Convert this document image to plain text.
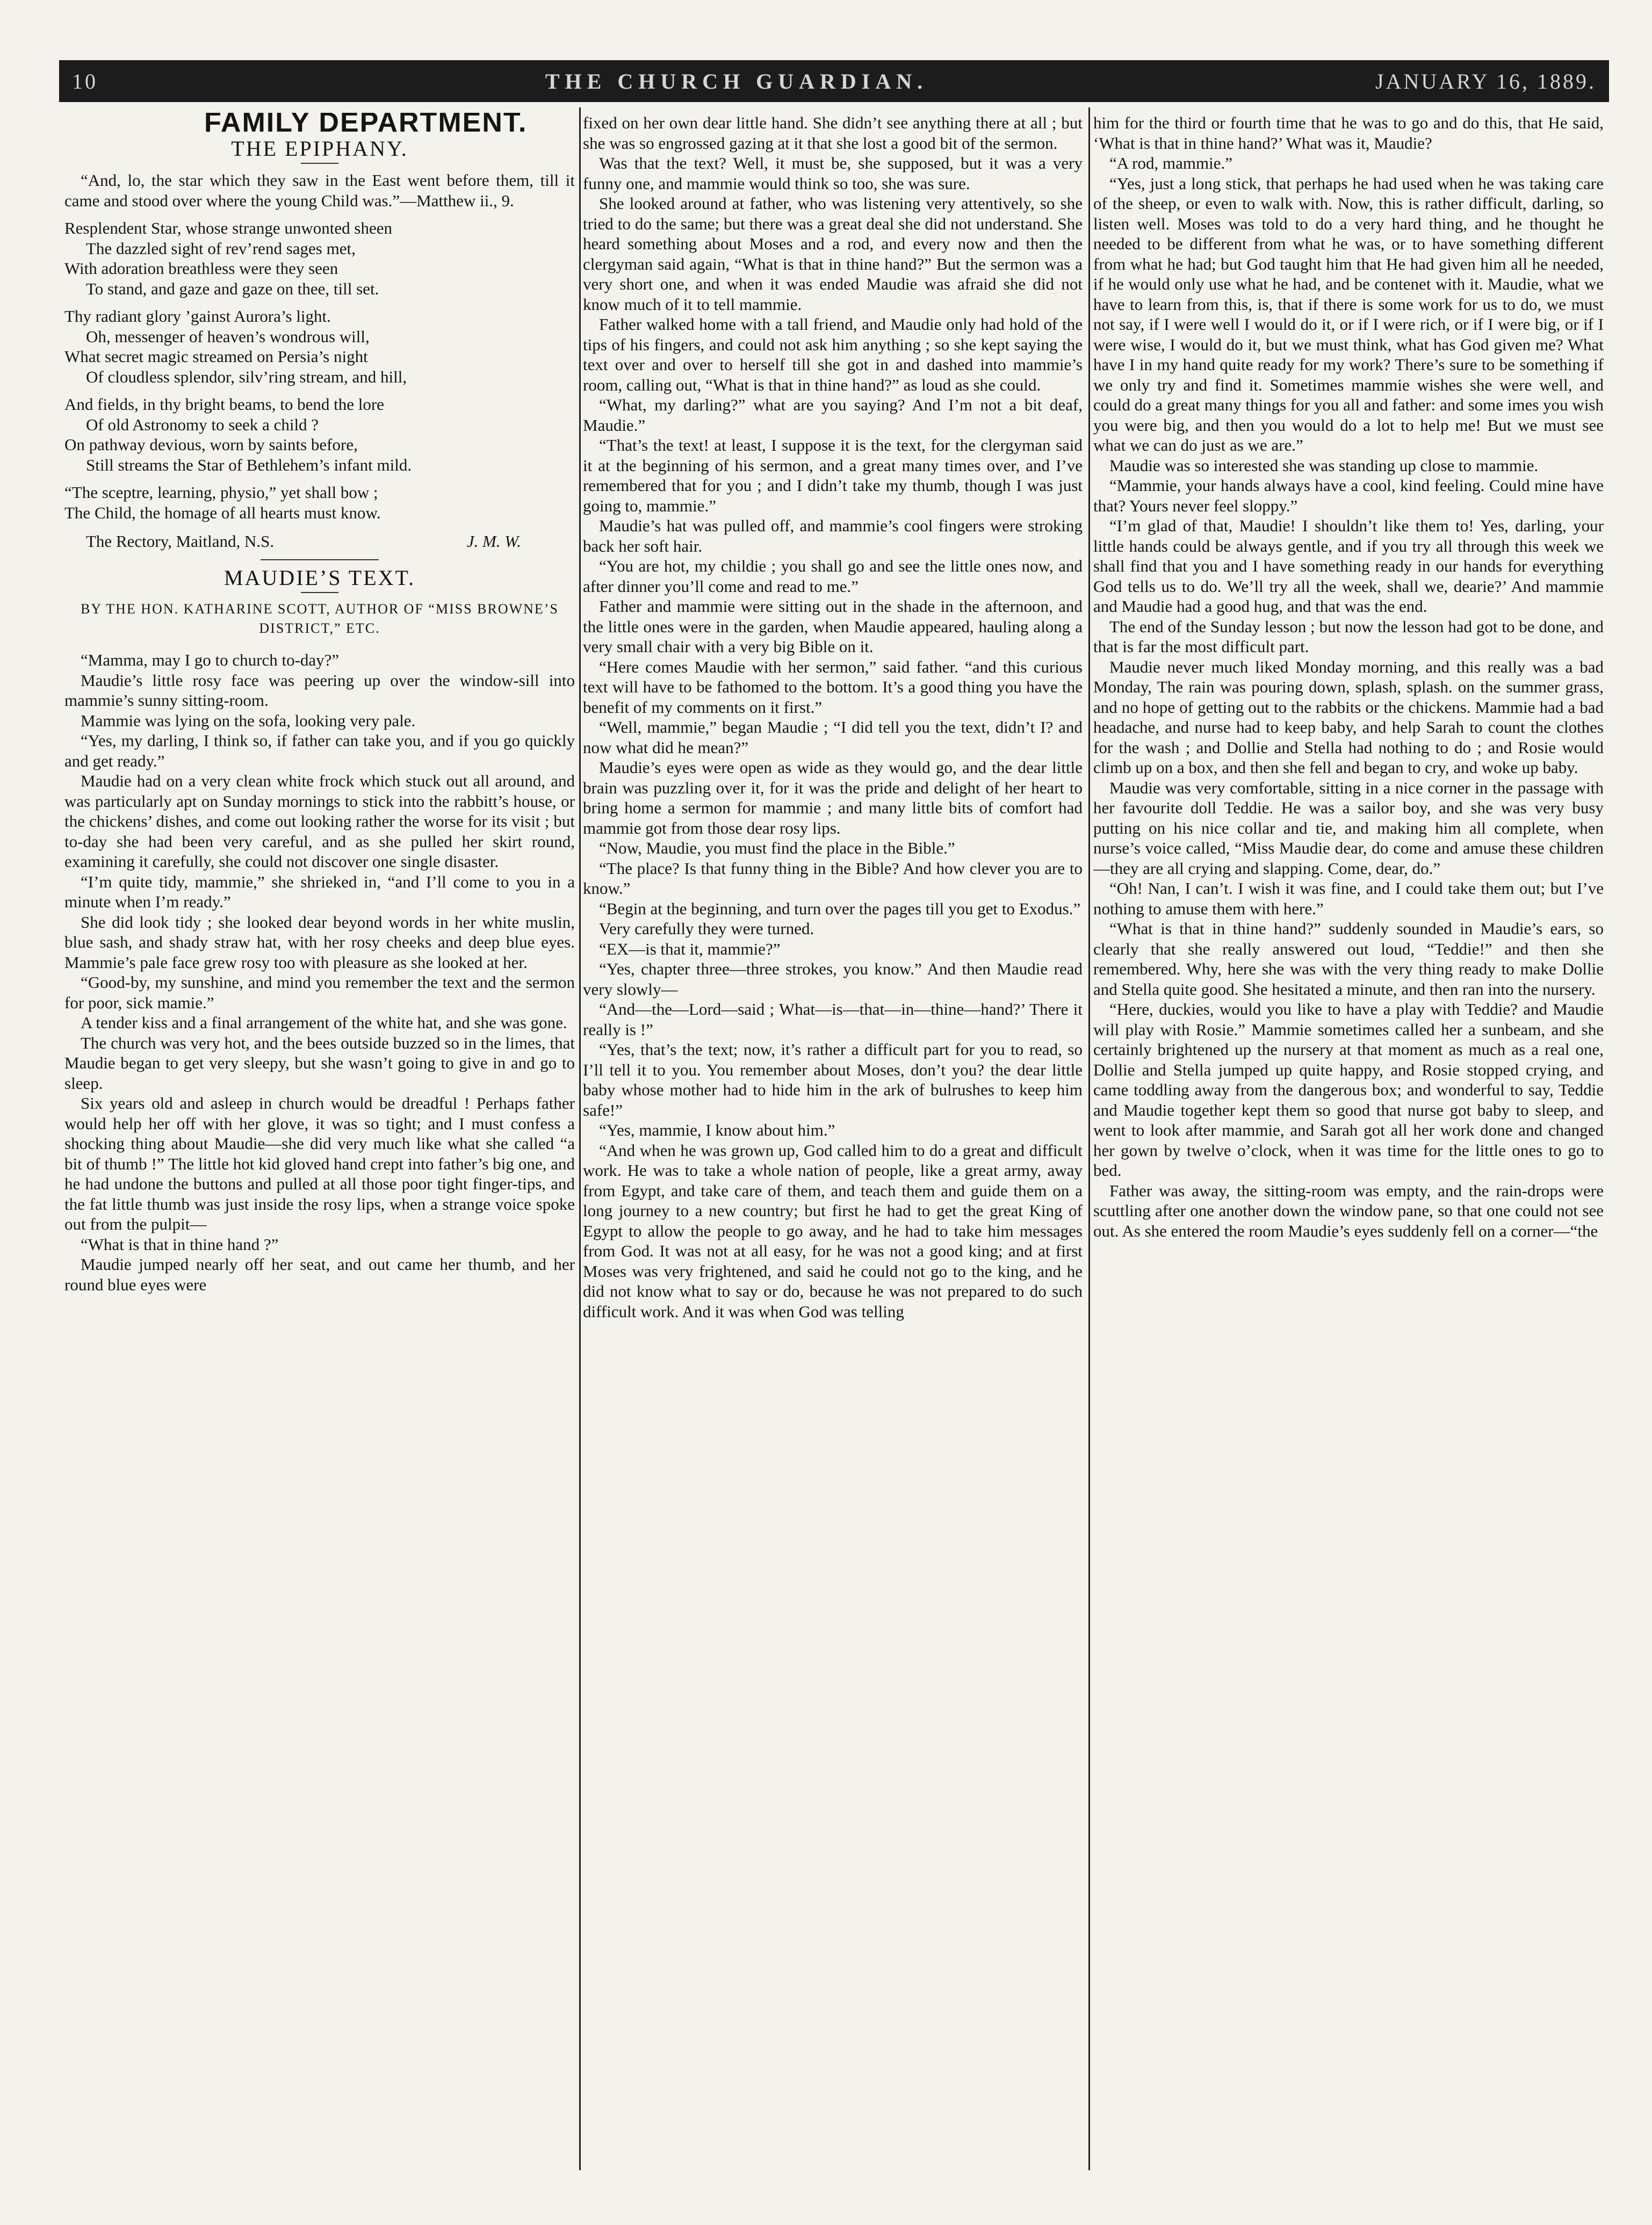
10	THE CHURCH GUARDIAN.	JANUARY 16, 1889.
FAMILY DEPARTMENT.
THE EPIPHANY.

“And, lo, the star which they saw in the East went before them, till it came and stood over where the young Child was.”—Matthew ii., 9.

Resplendent Star, whose strange unwonted sheen
The dazzled sight of rev’rend sages met,
With adoration breathless were they seen
To stand, and gaze and gaze on thee, till set.
Thy radiant glory ’gainst Aurora’s light.
Oh, messenger of heaven’s wondrous will,
What secret magic streamed on Persia’s night
Of cloudless splendor, silv’ring stream, and hill,
And fields, in thy bright beams, to bend the lore
Of old Astronomy to seek a child ?
On pathway devious, worn by saints before,
Still streams the Star of Bethlehem’s infant mild.
“The sceptre, learning, physio,” yet shall bow ;
The Child, the homage of all hearts must know.
The Rectory, Maitland, N.S.	J. M. W.
MAUDIE’S TEXT.
BY THE HON. KATHARINE SCOTT, AUTHOR OF “MISS BROWNE’S DISTRICT,” ETC.

“Mamma, may I go to church to-day?”

Maudie’s little rosy face was peering up over the window-sill into mammie’s sunny sitting-room.

Mammie was lying on the sofa, looking very pale.

“Yes, my darling, I think so, if father can take you, and if you go quickly and get ready.”

Maudie had on a very clean white frock which stuck out all around, and was particularly apt on Sunday mornings to stick into the rabbitt’s house, or the chickens’ dishes, and come out looking rather the worse for its visit ; but to-day she had been very careful, and as she pulled her skirt round, examining it carefully, she could not discover one single disaster.

“I’m quite tidy, mammie,” she shrieked in, “and I’ll come to you in a minute when I’m ready.”

She did look tidy ; she looked dear beyond words in her white muslin, blue sash, and shady straw hat, with her rosy cheeks and deep blue eyes. Mammie’s pale face grew rosy too with pleasure as she looked at her.

“Good-by, my sunshine, and mind you remember the text and the sermon for poor, sick mamie.”

A tender kiss and a final arrangement of the white hat, and she was gone.

The church was very hot, and the bees outside buzzed so in the limes, that Maudie began to get very sleepy, but she wasn’t going to give in and go to sleep.

Six years old and asleep in church would be dreadful ! Perhaps father would help her off with her glove, it was so tight; and I must confess a shocking thing about Maudie—she did very much like what she called “a bit of thumb !” The little hot kid gloved hand crept into father’s big one, and he had undone the buttons and pulled at all those poor tight finger-tips, and the fat little thumb was just inside the rosy lips, when a strange voice spoke out from the pulpit—

“What is that in thine hand ?”

Maudie jumped nearly off her seat, and out came her thumb, and her round blue eyes were

fixed on her own dear little hand. She didn’t see anything there at all ; but she was so engrossed gazing at it that she lost a good bit of the sermon.

Was that the text? Well, it must be, she supposed, but it was a very funny one, and mammie would think so too, she was sure.

She looked around at father, who was listening very attentively, so she tried to do the same; but there was a great deal she did not understand. She heard something about Moses and a rod, and every now and then the clergyman said again, “What is that in thine hand?” But the sermon was a very short one, and when it was ended Maudie was afraid she did not know much of it to tell mammie.

Father walked home with a tall friend, and Maudie only had hold of the tips of his fingers, and could not ask him anything ; so she kept saying the text over and over to herself till she got in and dashed into mammie’s room, calling out, “What is that in thine hand?” as loud as she could.

“What, my darling?” what are you saying? And I’m not a bit deaf, Maudie.”

“That’s the text! at least, I suppose it is the text, for the clergyman said it at the beginning of his sermon, and a great many times over, and I’ve remembered that for you ; and I didn’t take my thumb, though I was just going to, mammie.”

Maudie’s hat was pulled off, and mammie’s cool fingers were stroking back her soft hair.

“You are hot, my childie ; you shall go and see the little ones now, and after dinner you’ll come and read to me.”

Father and mammie were sitting out in the shade in the afternoon, and the little ones were in the garden, when Maudie appeared, hauling along a very small chair with a very big Bible on it.

“Here comes Maudie with her sermon,” said father. “and this curious text will have to be fathomed to the bottom. It’s a good thing you have the benefit of my comments on it first.”

“Well, mammie,” began Maudie ; “I did tell you the text, didn’t I? and now what did he mean?”

Maudie’s eyes were open as wide as they would go, and the dear little brain was puzzling over it, for it was the pride and delight of her heart to bring home a sermon for mammie ; and many little bits of comfort had mammie got from those dear rosy lips.

“Now, Maudie, you must find the place in the Bible.”

“The place? Is that funny thing in the Bible? And how clever you are to know.”

“Begin at the beginning, and turn over the pages till you get to Exodus.”

Very carefully they were turned.

“EX—is that it, mammie?”

“Yes, chapter three—three strokes, you know.” And then Maudie read very slowly—

“And—the—Lord—said ; What—is—that—in—thine—hand?’ There it really is !”

“Yes, that’s the text; now, it’s rather a difficult part for you to read, so I’ll tell it to you. You remember about Moses, don’t you? the dear little baby whose mother had to hide him in the ark of bulrushes to keep him safe!”

“Yes, mammie, I know about him.”

“And when he was grown up, God called him to do a great and difficult work. He was to take a whole nation of people, like a great army, away from Egypt, and take care of them, and teach them and guide them on a long journey to a new country; but first he had to get the great King of Egypt to allow the people to go away, and he had to take him messages from God. It was not at all easy, for he was not a good king; and at first Moses was very frightened, and said he could not go to the king, and he did not know what to say or do, because he was not prepared to do such difficult work. And it was when God was telling

him for the third or fourth time that he was to go and do this, that He said, ‘What is that in thine hand?’ What was it, Maudie?

“A rod, mammie.”

“Yes, just a long stick, that perhaps he had used when he was taking care of the sheep, or even to walk with. Now, this is rather difficult, darling, so listen well. Moses was told to do a very hard thing, and he thought he needed to be different from what he was, or to have something different from what he had; but God taught him that He had given him all he needed, if he would only use what he had, and be contenet with it. Maudie, what we have to learn from this, is, that if there is some work for us to do, we must not say, if I were well I would do it, or if I were rich, or if I were big, or if I were wise, I would do it, but we must think, what has God given me? What have I in my hand quite ready for my work? There’s sure to be something if we only try and find it. Sometimes mammie wishes she were well, and could do a great many things for you all and father: and some imes you wish you were big, and then you would do a lot to help me! But we must see what we can do just as we are.”

Maudie was so interested she was standing up close to mammie.

“Mammie, your hands always have a cool, kind feeling. Could mine have that? Yours never feel sloppy.”

“I’m glad of that, Maudie! I shouldn’t like them to! Yes, darling, your little hands could be always gentle, and if you try all through this week we shall find that you and I have something ready in our hands for everything God tells us to do. We’ll try all the week, shall we, dearie?’ And mammie and Maudie had a good hug, and that was the end.

The end of the Sunday lesson ; but now the lesson had got to be done, and that is far the most difficult part.

Maudie never much liked Monday morning, and this really was a bad Monday, The rain was pouring down, splash, splash. on the summer grass, and no hope of getting out to the rabbits or the chickens. Mammie had a bad headache, and nurse had to keep baby, and help Sarah to count the clothes for the wash ; and Dollie and Stella had nothing to do ; and Rosie would climb up on a box, and then she fell and began to cry, and woke up baby.

Maudie was very comfortable, sitting in a nice corner in the passage with her favourite doll Teddie. He was a sailor boy, and she was very busy putting on his nice collar and tie, and making him all complete, when nurse’s voice called, “Miss Maudie dear, do come and amuse these children—they are all crying and slapping. Come, dear, do.”

“Oh! Nan, I can’t. I wish it was fine, and I could take them out; but I’ve nothing to amuse them with here.”

“What is that in thine hand?” suddenly sounded in Maudie’s ears, so clearly that she really answered out loud, “Teddie!” and then she remembered. Why, here she was with the very thing ready to make Dollie and Stella quite good. She hesitated a minute, and then ran into the nursery.

“Here, duckies, would you like to have a play with Teddie? and Maudie will play with Rosie.” Mammie sometimes called her a sunbeam, and she certainly brightened up the nursery at that moment as much as a real one, Dollie and Stella jumped up quite happy, and Rosie stopped crying, and came toddling away from the dangerous box; and wonderful to say, Teddie and Maudie together kept them so good that nurse got baby to sleep, and went to look after mammie, and Sarah got all her work done and changed her gown by twelve o’clock, when it was time for the little ones to go to bed.

Father was away, the sitting-room was empty, and the rain-drops were scuttling after one another down the window pane, so that one could not see out. As she entered the room Maudie’s eyes suddenly fell on a corner—“the
